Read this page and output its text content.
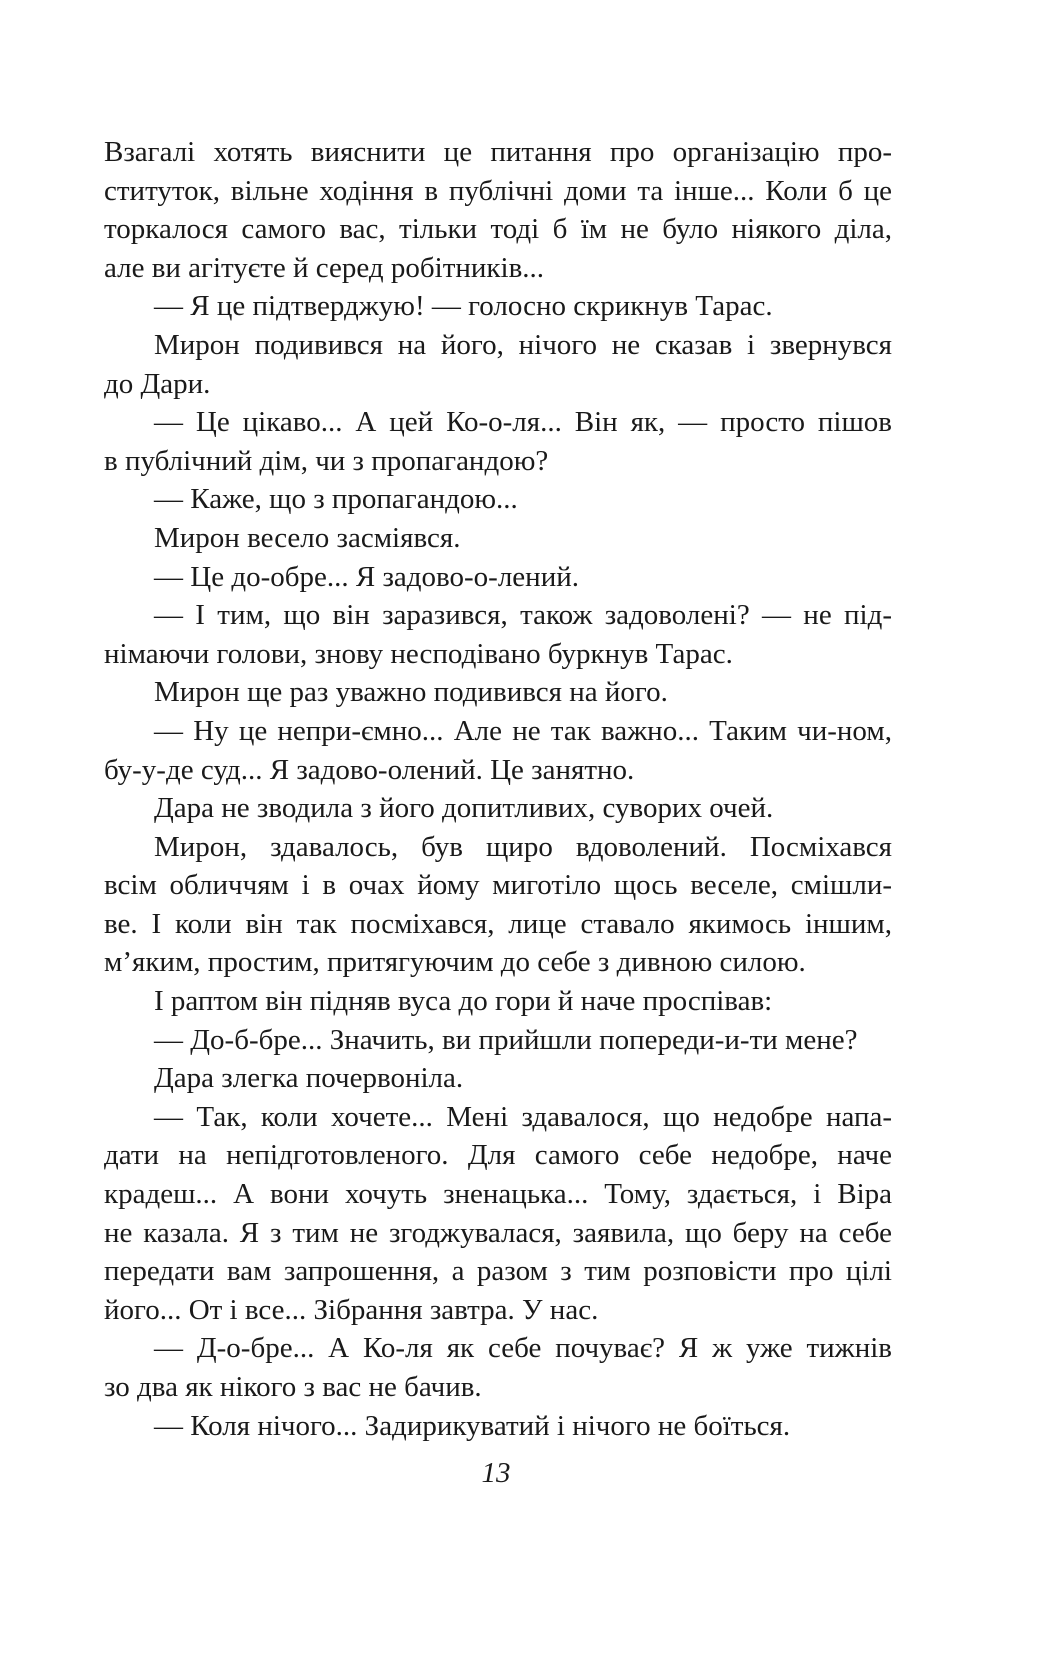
Взагалі хотять вияснити це питання про організацію про-
ституток, вільне ходіння в публічні доми та інше... Коли б це
торкалося самого вас, тільки тоді б їм не було ніякого діла,
але ви агітуєте й серед робітників...
— Я це підтверджую! — голосно скрикнув Тарас.
Мирон подивився на його, нічого не сказав і звернувся
до Дари.
— Це цікаво... А цей Ко-о-ля... Він як, — просто пішов
в публічний дім, чи з пропагандою?
— Каже, що з пропагандою...
Мирон весело засміявся.
— Це до-обре... Я задово-о-лений.
— І тим, що він заразився, також задоволені? — не під-
німаючи голови, знову несподівано буркнув Тарас.
Мирон ще раз уважно подивився на його.
— Ну це непри-ємно... Але не так важно... Таким чи-ном,
бу-у-де суд... Я задово-олений. Це занятно.
Дара не зводила з його допитливих, суворих очей.
Мирон, здавалось, був щиро вдоволений. Посміхався
всім обличчям і в очах йому миготіло щось веселе, смішли-
ве. І коли він так посміхався, лице ставало якимось іншим,
м’яким, простим, притягуючим до себе з дивною силою.
І раптом він підняв вуса до гори й наче проспівав:
— До-б-бре... Значить, ви прийшли попереди-и-ти мене?
Дара злегка почервоніла.
— Так, коли хочете... Мені здавалося, що недобре напа-
дати на непідготовленого. Для самого себе недобре, наче
крадеш... А вони хочуть зненацька... Тому, здається, і Віра
не казала. Я з тим не згоджувалася, заявила, що беру на себе
передати вам запрошення, а разом з тим розповісти про цілі
його... От і все... Зібрання завтра. У нас.
— Д-о-бре... А Ко-ля як себе почуває? Я ж уже тижнів
зо два як нікого з вас не бачив.
— Коля нічого... Задирикуватий і нічого не боїться.
13
